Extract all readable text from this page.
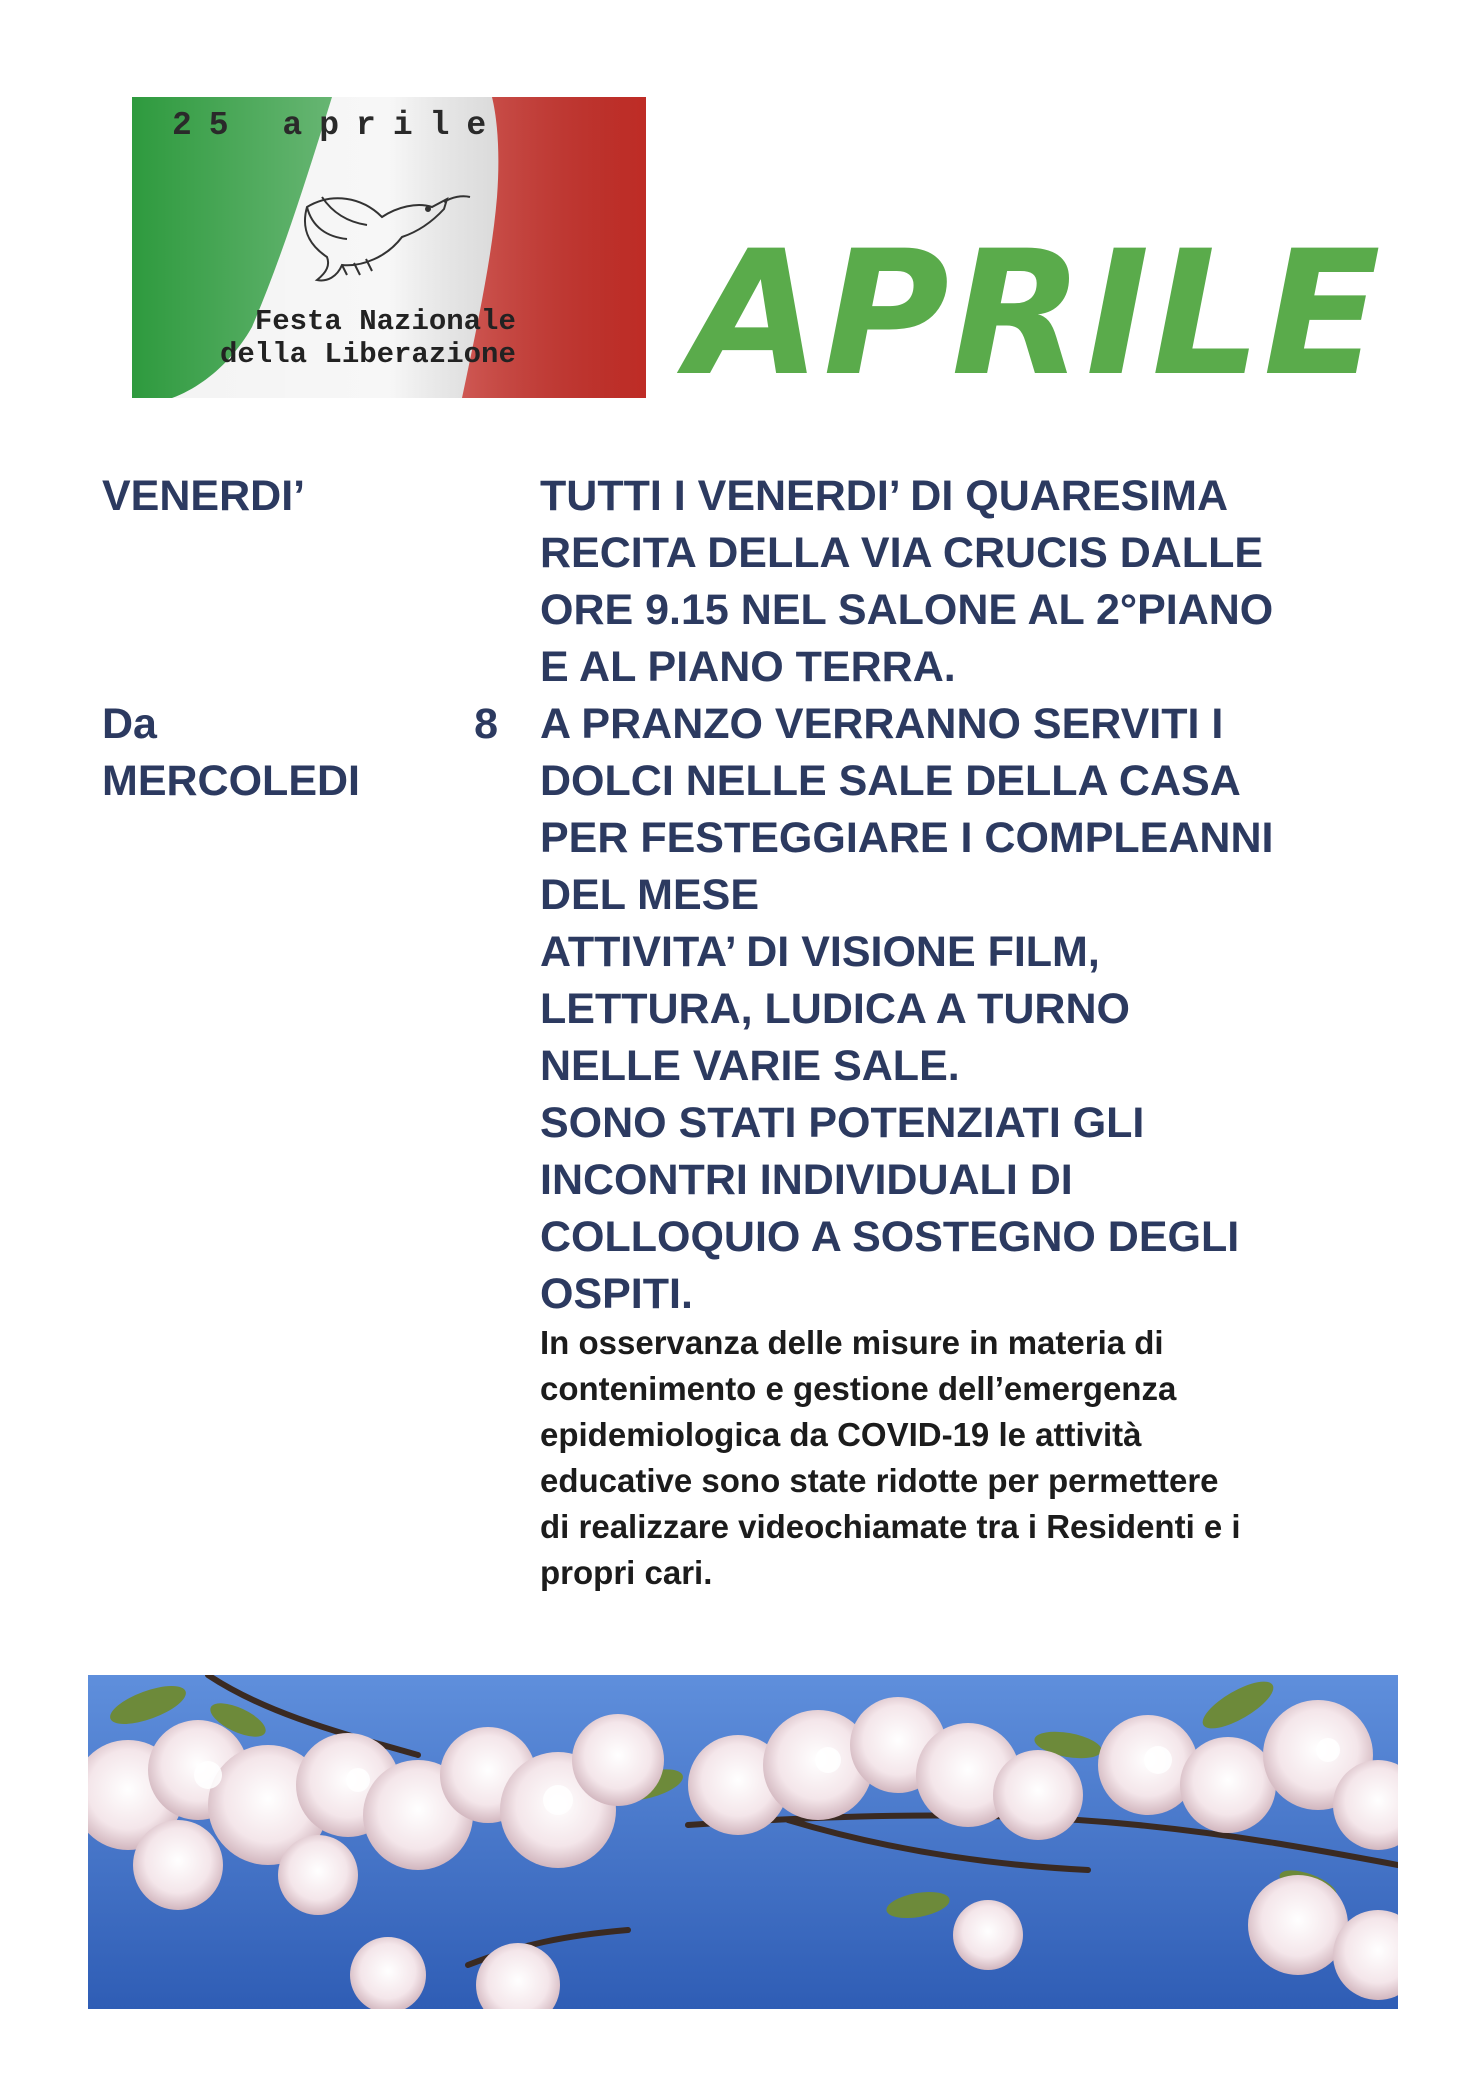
25 aprile
Festa Nazionale
della Liberazione APRILE
VENERDI’	TUTTI I VENERDI’ DI QUARESIMA
RECITA DELLA VIA CRUCIS DALLE
ORE 9.15 NEL SALONE AL 2°PIANO
E AL PIANO TERRA.
Da
MERCOLEDI
8 A PRANZO VERRANNO SERVITI I
DOLCI NELLE SALE DELLA CASA
PER FESTEGGIARE I COMPLEANNI
DEL MESE
ATTIVITA’ DI VISIONE FILM,
LETTURA, LUDICA A TURNO
NELLE VARIE SALE.
SONO STATI POTENZIATI GLI
INCONTRI INDIVIDUALI DI
COLLOQUIO A SOSTEGNO DEGLI
OSPITI.
In osservanza delle misure in materia di
contenimento e gestione dell’emergenza
epidemiologica da COVID-19 le attività
educative sono state ridotte per permettere
di realizzare videochiamate tra i Residenti e i
propri cari.
